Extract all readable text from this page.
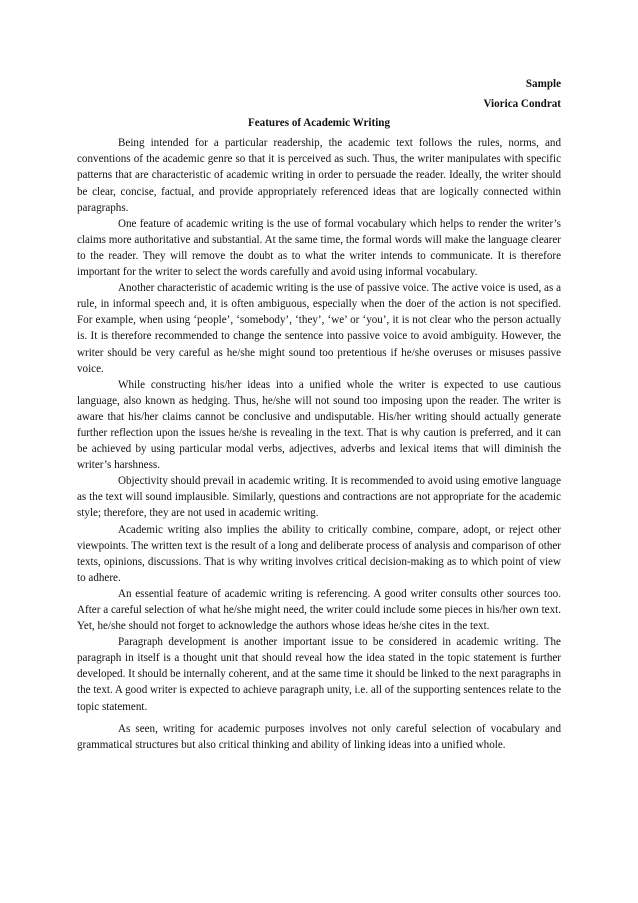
Sample
Viorica Condrat
Features of Academic Writing

Being intended for a particular readership, the academic text follows the rules, norms, and conventions of the academic genre so that it is perceived as such. Thus, the writer manipulates with specific patterns that are characteristic of academic writing in order to persuade the reader. Ideally, the writer should be clear, concise, factual, and provide appropriately referenced ideas that are logically connected within paragraphs.

One feature of academic writing is the use of formal vocabulary which helps to render the writer’s claims more authoritative and substantial. At the same time, the formal words will make the language clearer to the reader. They will remove the doubt as to what the writer intends to communicate. It is therefore important for the writer to select the words carefully and avoid using informal vocabulary.

Another characteristic of academic writing is the use of passive voice. The active voice is used, as a rule, in informal speech and, it is often ambiguous, especially when the doer of the action is not specified. For example, when using ‘people’, ‘somebody’, ‘they’, ‘we’ or ‘you’, it is not clear who the person actually is. It is therefore recommended to change the sentence into passive voice to avoid ambiguity. However, the writer should be very careful as he/she might sound too pretentious if he/she overuses or misuses passive voice.

While constructing his/her ideas into a unified whole the writer is expected to use cautious language, also known as hedging. Thus, he/she will not sound too imposing upon the reader. The writer is aware that his/her claims cannot be conclusive and undisputable. His/her writing should actually generate further reflection upon the issues he/she is revealing in the text. That is why caution is preferred, and it can be achieved by using particular modal verbs, adjectives, adverbs and lexical items that will diminish the writer’s harshness.

Objectivity should prevail in academic writing. It is recommended to avoid using emotive language as the text will sound implausible. Similarly, questions and contractions are not appropriate for the academic style; therefore, they are not used in academic writing.

Academic writing also implies the ability to critically combine, compare, adopt, or reject other viewpoints. The written text is the result of a long and deliberate process of analysis and comparison of other texts, opinions, discussions. That is why writing involves critical decision-making as to which point of view to adhere.

An essential feature of academic writing is referencing. A good writer consults other sources too. After a careful selection of what he/she might need, the writer could include some pieces in his/her own text. Yet, he/she should not forget to acknowledge the authors whose ideas he/she cites in the text.

Paragraph development is another important issue to be considered in academic writing. The paragraph in itself is a thought unit that should reveal how the idea stated in the topic statement is further developed. It should be internally coherent, and at the same time it should be linked to the next paragraphs in the text. A good writer is expected to achieve paragraph unity, i.e. all of the supporting sentences relate to the topic statement.

As seen, writing for academic purposes involves not only careful selection of vocabulary and grammatical structures but also critical thinking and ability of linking ideas into a unified whole.
